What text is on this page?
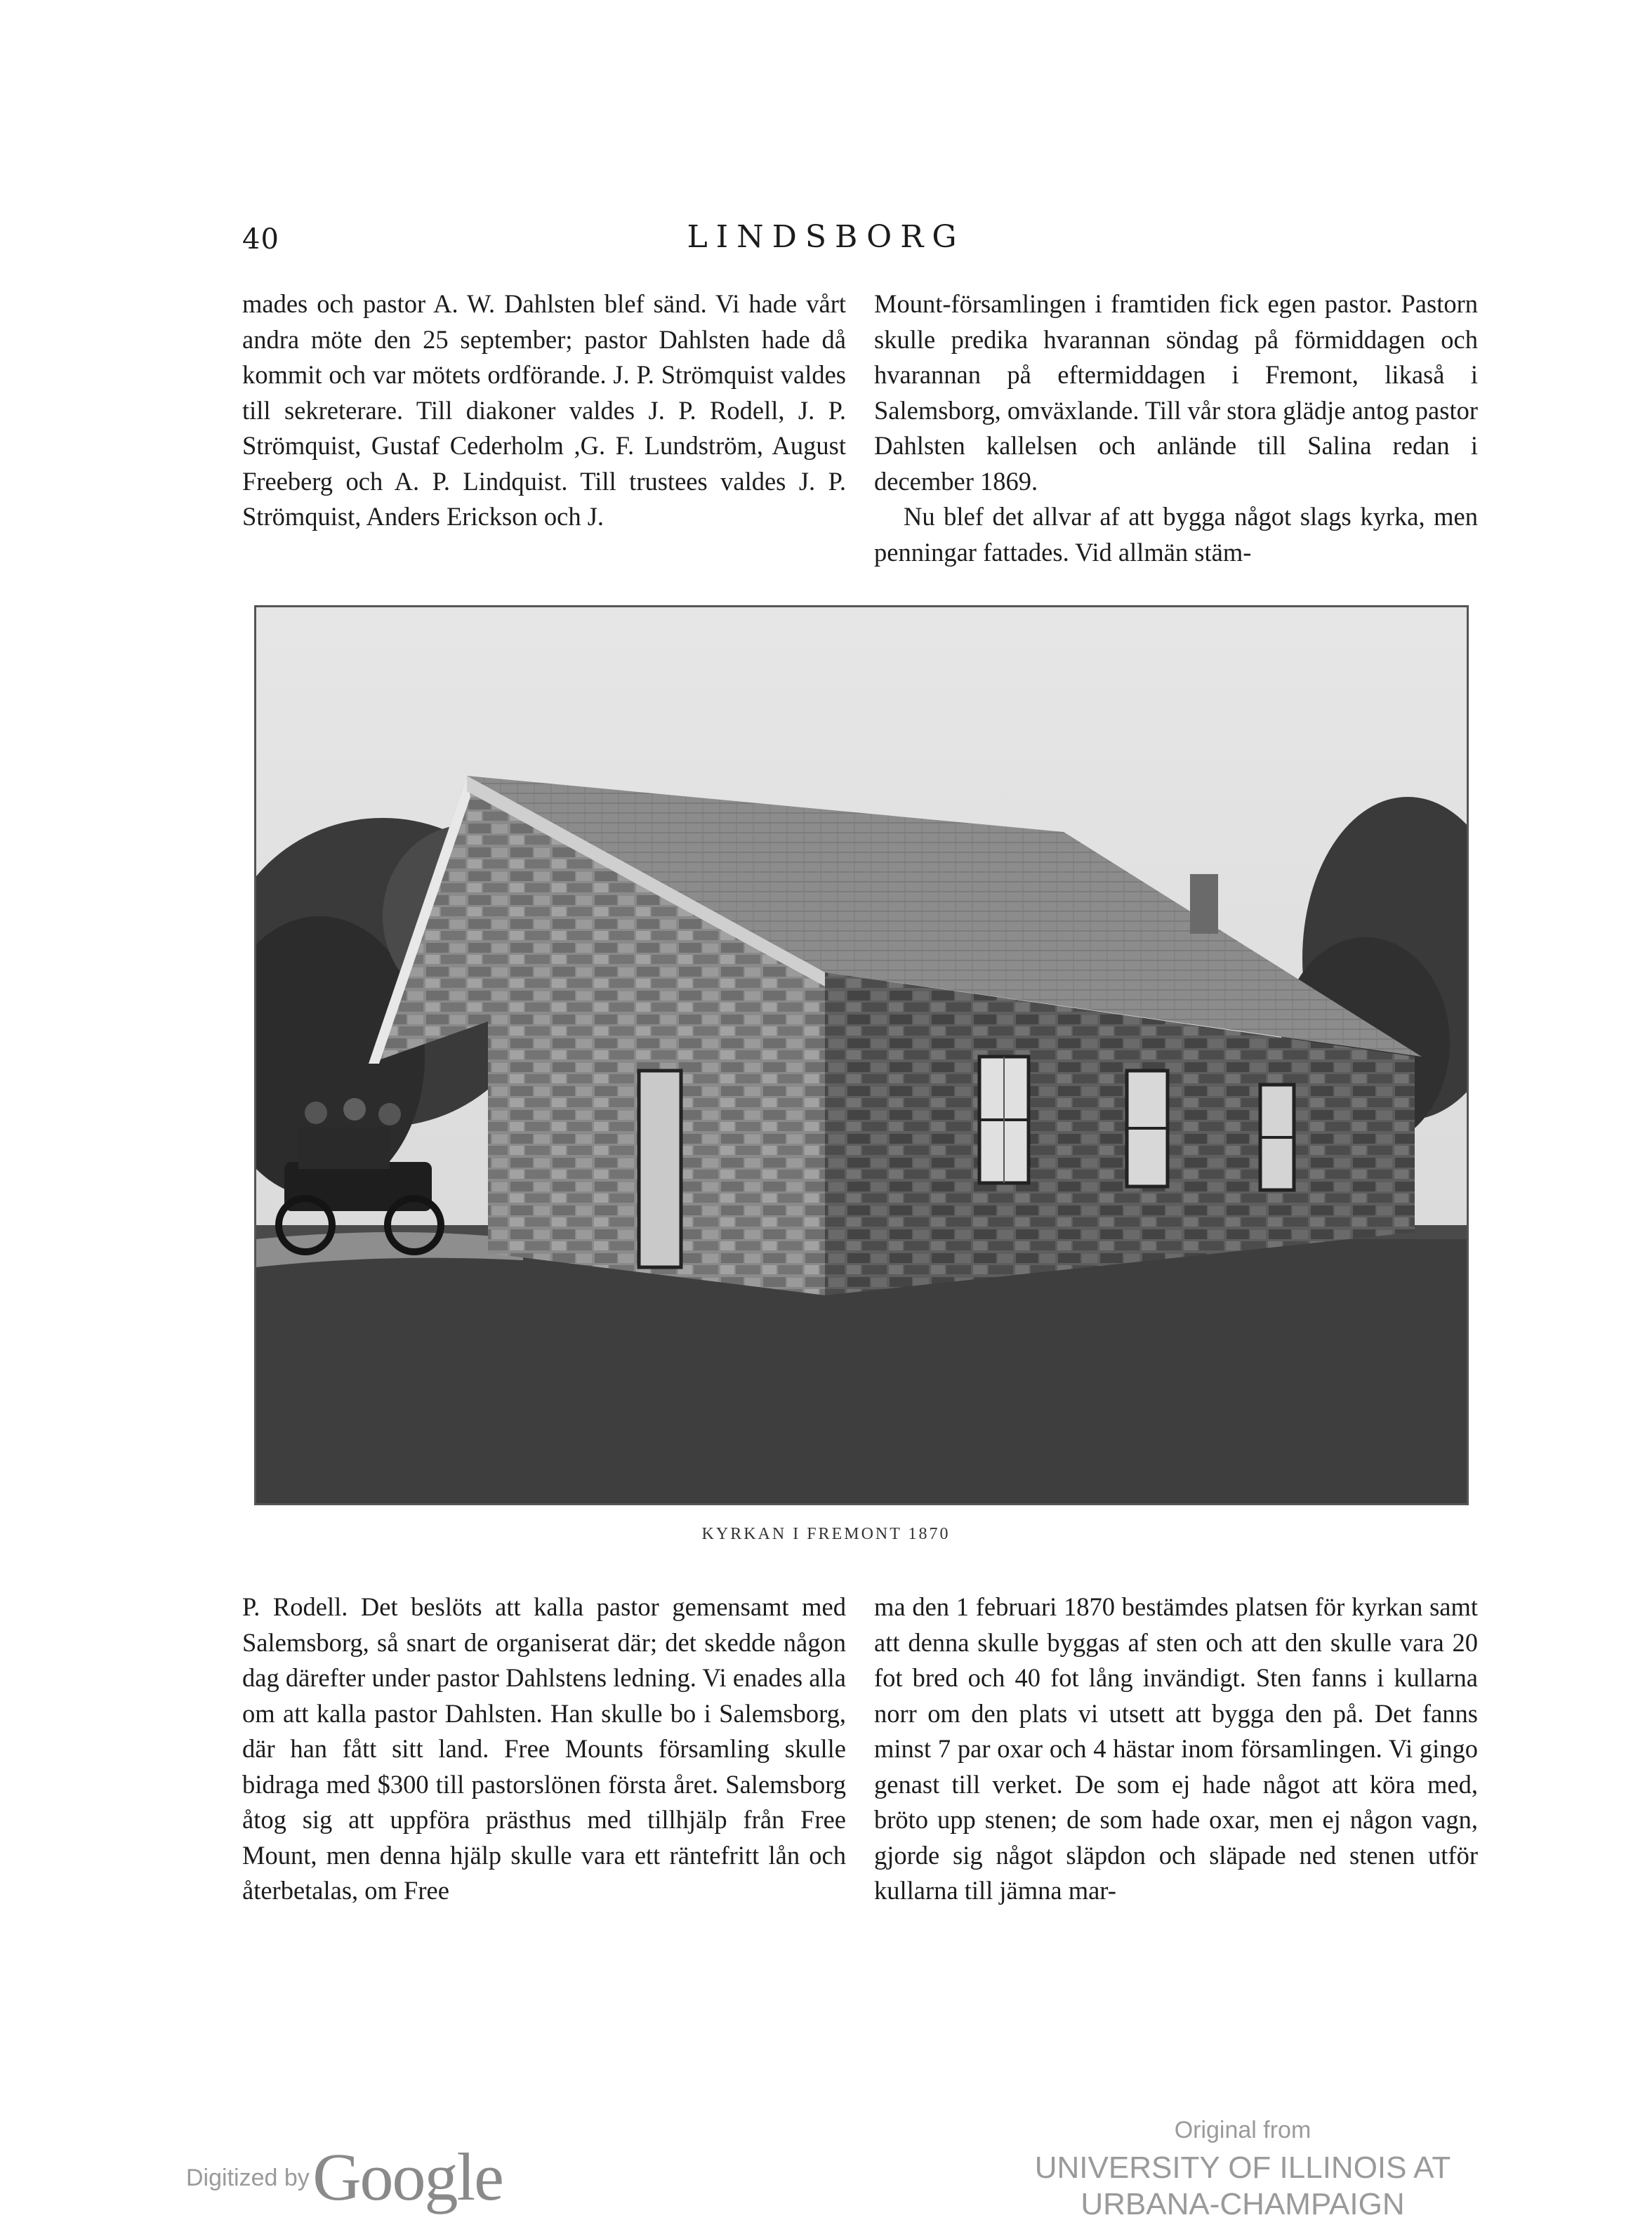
40	LINDSBORG

mades och pastor A. W. Dahlsten blef sänd. Vi hade vårt andra möte den 25 september; pastor Dahlsten hade då kommit och var mötets ordförande. J. P. Strömquist valdes till sekreterare. Till diakoner valdes J. P. Rodell, J. P. Strömquist, Gustaf Cederholm ,G. F. Lundström, August Freeberg och A. P. Lindquist. Till trustees valdes J. P. Strömquist, Anders Erickson och J.

Mount-församlingen i framtiden fick egen pastor. Pastorn skulle predika hvarannan söndag på förmiddagen och hvarannan på eftermiddagen i Fremont, likaså i Salemsborg, omväxlande. Till vår stora glädje antog pastor Dahlsten kallelsen och anlände till Salina redan i december 1869.

Nu blef det allvar af att bygga något slags kyrka, men penningar fattades. Vid allmän stäm-

KYRKAN I FREMONT 1870

P. Rodell. Det beslöts att kalla pastor gemensamt med Salemsborg, så snart de organiserat där; det skedde någon dag därefter under pastor Dahlstens ledning. Vi enades alla om att kalla pastor Dahlsten. Han skulle bo i Salemsborg, där han fått sitt land. Free Mounts församling skulle bidraga med $300 till pastorslönen första året. Salemsborg åtog sig att uppföra prästhus med tillhjälp från Free Mount, men denna hjälp skulle vara ett räntefritt lån och återbetalas, om Free

ma den 1 februari 1870 bestämdes platsen för kyrkan samt att denna skulle byggas af sten och att den skulle vara 20 fot bred och 40 fot lång invändigt. Sten fanns i kullarna norr om den plats vi utsett att bygga den på. Det fanns minst 7 par oxar och 4 hästar inom församlingen. Vi gingo genast till verket. De som ej hade något att köra med, bröto upp stenen; de som hade oxar, men ej någon vagn, gjorde sig något släpdon och släpade ned stenen utför kullarna till jämna mar-

Digitized by Google
Original from
UNIVERSITY OF ILLINOIS AT
URBANA-CHAMPAIGN
